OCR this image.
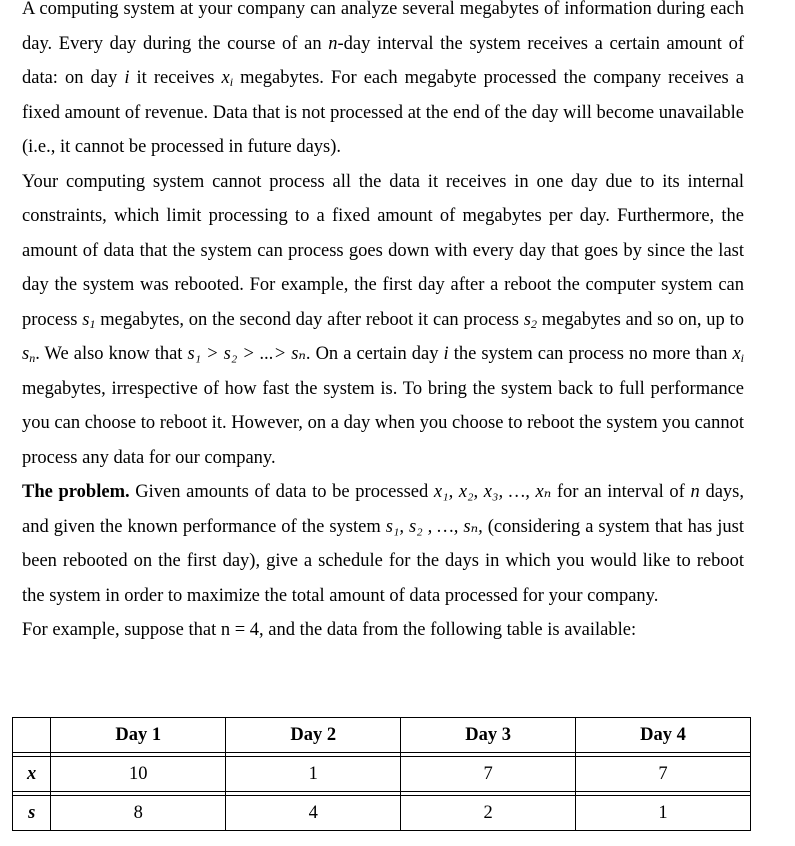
A computing system at your company can analyze several megabytes of information during each day. Every day during the course of an n-day interval the system receives a certain amount of data: on day i it receives $x_i$ megabytes. For each megabyte processed the company receives a fixed amount of revenue. Data that is not processed at the end of the day will become unavailable (i.e., it cannot be processed in future days).

Your computing system cannot process all the data it receives in one day due to its internal constraints, which limit processing to a fixed amount of megabytes per day. Furthermore, the amount of data that the system can process goes down with every day that goes by since the last day the system was rebooted. For example, the first day after a reboot the computer system can process $s_1$ megabytes, on the second day after reboot it can process $s_2$ megabytes and so on, up to $s_n$. We also know that s₁ > s₂ > ...> sₙ. On a certain day i the system can process no more than $x_i$ megabytes, irrespective of how fast the system is. To bring the system back to full performance you can choose to reboot it. However, on a day when you choose to reboot the system you cannot process any data for our company.

The problem. Given amounts of data to be processed x₁, x₂, x₃, …, xₙ for an interval of n days, and given the known performance of the system s₁, s₂ , …, sₙ, (considering a system that has just been rebooted on the first day), give a schedule for the days in which you would like to reboot the system in order to maximize the total amount of data processed for your company.

For example, suppose that n = 4, and the data from the following table is available:

	Day 1	Day 2	Day 3	Day 4

x	10	1	7	7

s	8	4	2	1
